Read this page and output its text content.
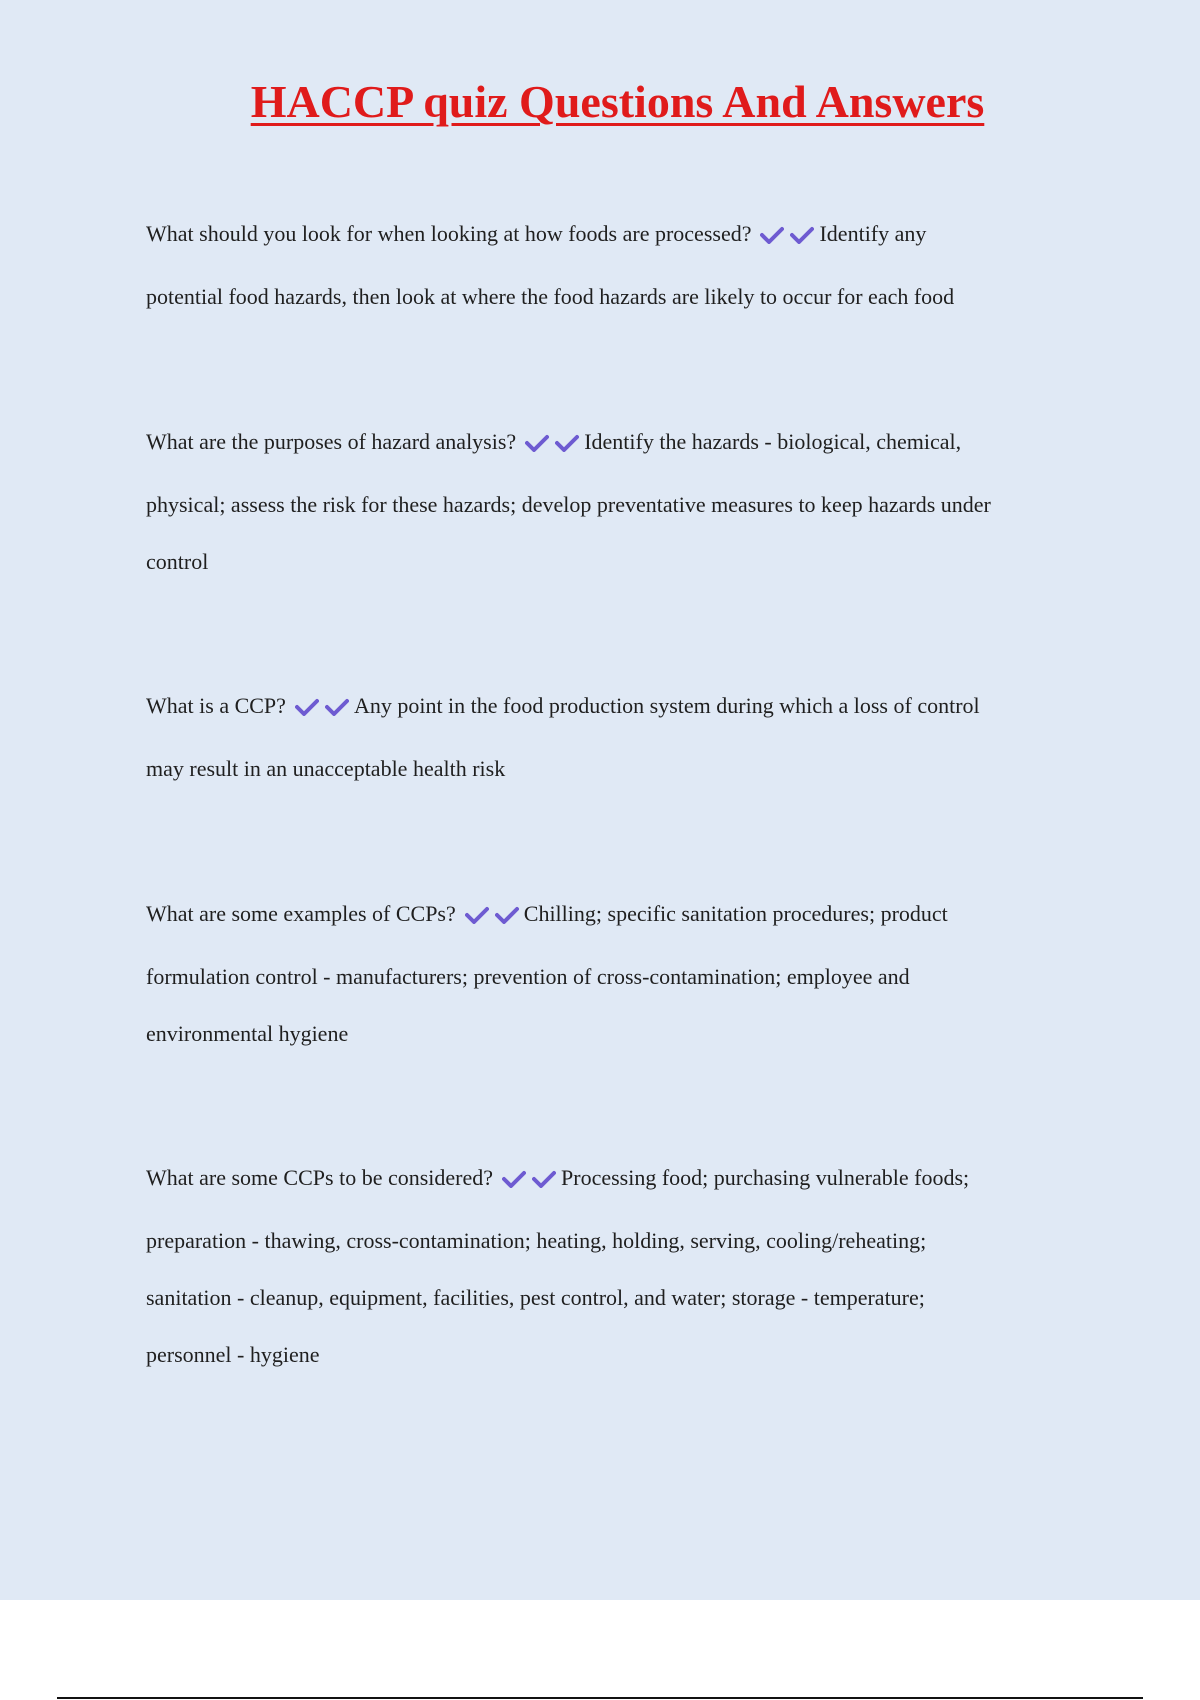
HACCP quiz Questions And Answers
What should you look for when looking at how foods are processed?	Identify any
potential food hazards, then look at where the food hazards are likely to occur for each food
What are the purposes of hazard analysis?	Identify the hazards - biological, chemical,
physical; assess the risk for these hazards; develop preventative measures to keep hazards under
control
What is a CCP?	Any point in the food production system during which a loss of control
may result in an unacceptable health risk
What are some examples of CCPs?	Chilling; specific sanitation procedures; product
formulation control - manufacturers; prevention of cross-contamination; employee and
environmental hygiene
What are some CCPs to be considered?	Processing food; purchasing vulnerable foods;
preparation - thawing, cross-contamination; heating, holding, serving, cooling/reheating;
sanitation - cleanup, equipment, facilities, pest control, and water; storage - temperature;
personnel - hygiene
